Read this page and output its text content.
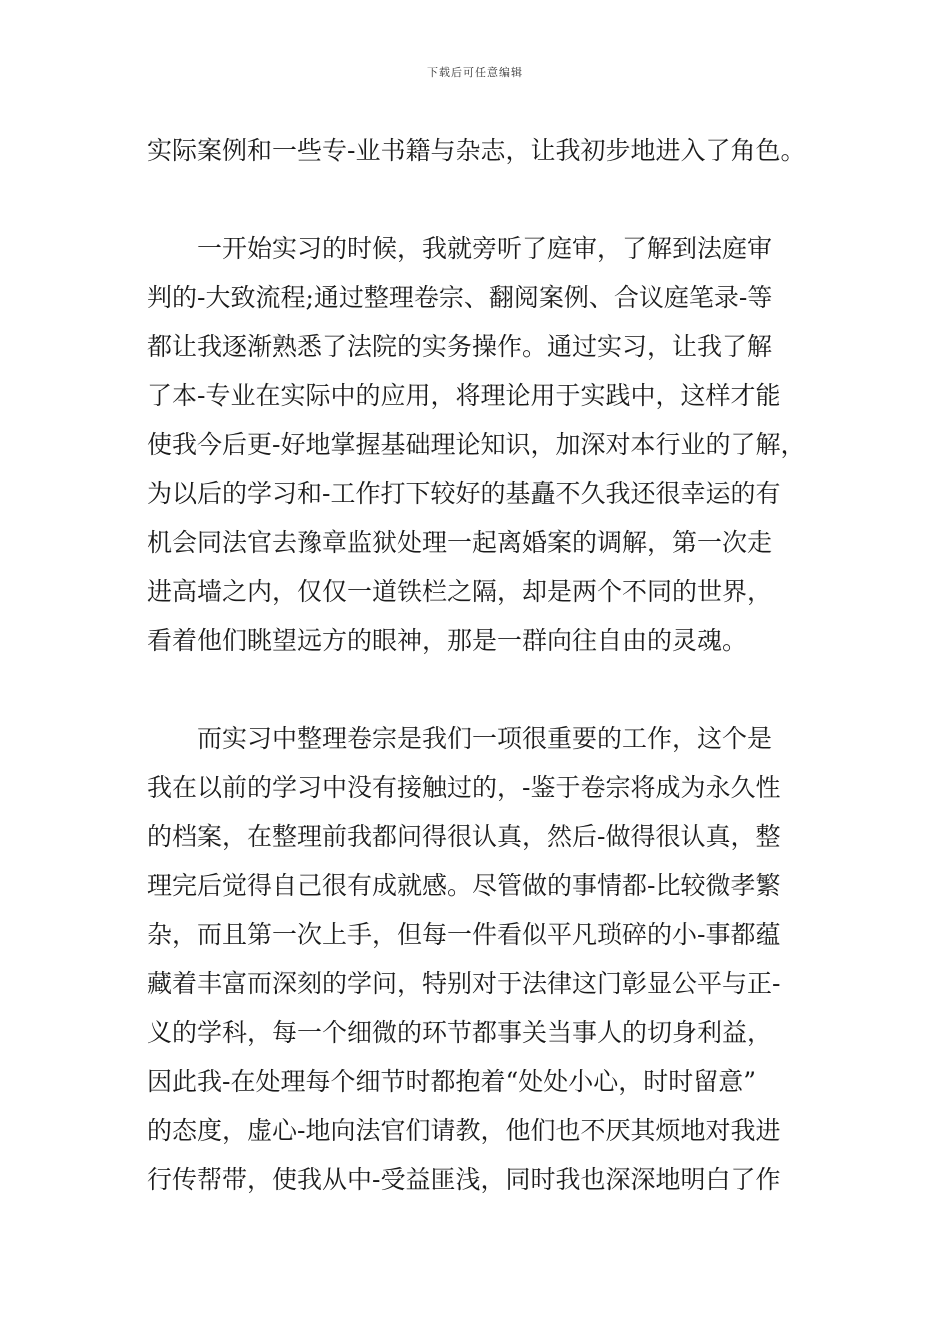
下载后可任意编辑
实际案例和一些专-业书籍与杂志，让我初步地进入了角色。
一开始实习的时候，我就旁听了庭审，了解到法庭审
判的-大致流程;通过整理卷宗、翻阅案例、合议庭笔录-等
都让我逐渐熟悉了法院的实务操作。通过实习，让我了解
了本-专业在实际中的应用，将理论用于实践中，这样才能
使我今后更-好地掌握基础理论知识，加深对本行业的了解，
为以后的学习和-工作打下较好的基矗不久我还很幸运的有
机会同法官去豫章监狱处理一起离婚案的调解，第一次走
进高墙之内，仅仅一道铁栏之隔，却是两个不同的世界，
看着他们眺望远方的眼神，那是一群向往自由的灵魂。
而实习中整理卷宗是我们一项很重要的工作，这个是
我在以前的学习中没有接触过的，-鉴于卷宗将成为永久性
的档案，在整理前我都问得很认真，然后-做得很认真，整
理完后觉得自己很有成就感。尽管做的事情都-比较微孝繁
杂，而且第一次上手，但每一件看似平凡琐碎的小-事都蕴
藏着丰富而深刻的学问，特别对于法律这门彰显公平与正-
义的学科，每一个细微的环节都事关当事人的切身利益，
因此我-在处理每个细节时都抱着“处处小心，时时留意”
的态度，虚心-地向法官们请教，他们也不厌其烦地对我进
行传帮带，使我从中-受益匪浅，同时我也深深地明白了作
